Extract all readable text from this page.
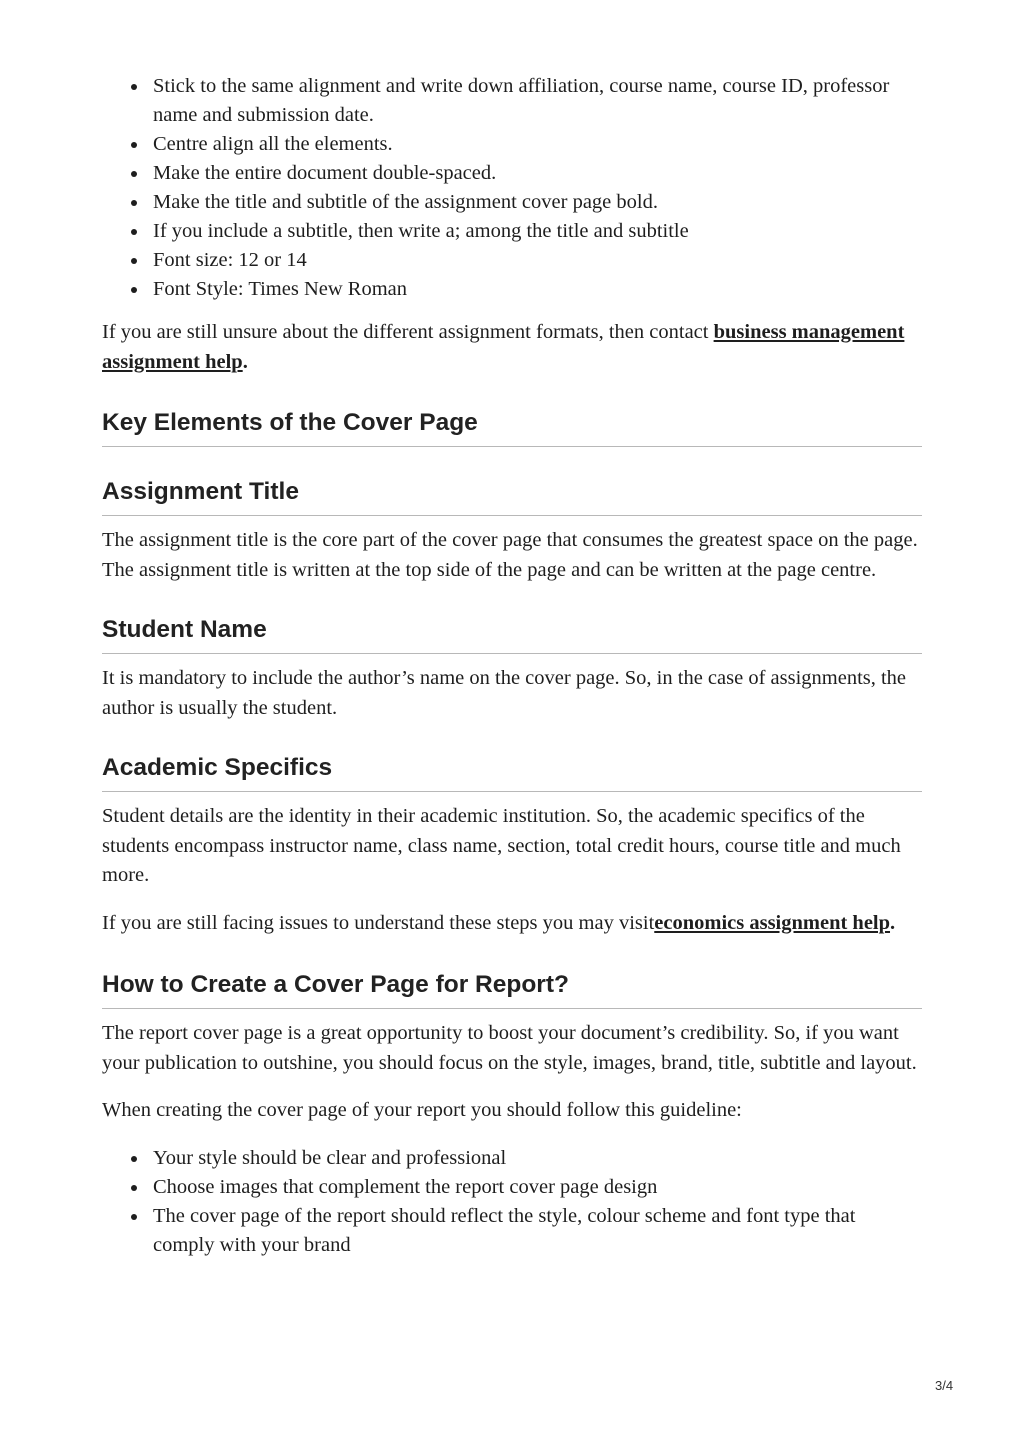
Stick to the same alignment and write down affiliation, course name, course ID, professor name and submission date.
Centre align all the elements.
Make the entire document double-spaced.
Make the title and subtitle of the assignment cover page bold.
If you include a subtitle, then write a; among the title and subtitle
Font size: 12 or 14
Font Style: Times New Roman

If you are still unsure about the different assignment formats, then contact business management assignment help.

Key Elements of the Cover Page
Assignment Title

The assignment title is the core part of the cover page that consumes the greatest space on the page. The assignment title is written at the top side of the page and can be written at the page centre.

Student Name

It is mandatory to include the author’s name on the cover page. So, in the case of assignments, the author is usually the student.

Academic Specifics

Student details are the identity in their academic institution. So, the academic specifics of the students encompass instructor name, class name, section, total credit hours, course title and much more.

If you are still facing issues to understand these steps you may visiteconomics assignment help.

How to Create a Cover Page for Report?

The report cover page is a great opportunity to boost your document’s credibility. So, if you want your publication to outshine, you should focus on the style, images, brand, title, subtitle and layout.

When creating the cover page of your report you should follow this guideline:

Your style should be clear and professional
Choose images that complement the report cover page design
The cover page of the report should reflect the style, colour scheme and font type that comply with your brand
3/4
